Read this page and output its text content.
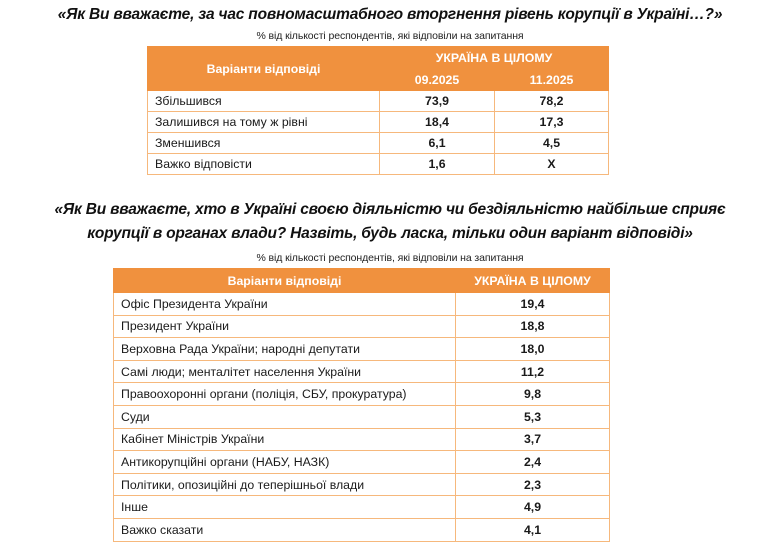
«Як Ви вважаєте, за час повномасштабного вторгнення рівень корупції в Україні…?»
% від кількості респондентів, які відповіли на запитання
Варіанти відповіді	УКРАЇНА В ЦІЛОМУ	
	09.2025	11.2025
Збільшився	73,9	78,2
Залишився на тому ж рівні	18,4	17,3
Зменшився	6,1	4,5
Важко відповісти	1,6	X
«Як Ви вважаєте, хто в Україні своєю діяльністю чи бездіяльністю найбільше сприяє
корупції в органах влади? Назвіть, будь ласка, тільки один варіант відповіді»
% від кількості респондентів, які відповіли на запитання
Варіанти відповіді	УКРАЇНА В ЦІЛОМУ
Офіс Президента України	19,4
Президент України	18,8
Верховна Рада України; народні депутати	18,0
Самі люди; менталітет населення України	11,2
Правоохоронні органи (поліція, СБУ, прокуратура)	9,8
Суди	5,3
Кабінет Міністрів України	3,7
Антикорупційні органи (НАБУ, НАЗК)	2,4
Політики, опозиційні до теперішньої влади	2,3
Інше	4,9
Важко сказати	4,1
